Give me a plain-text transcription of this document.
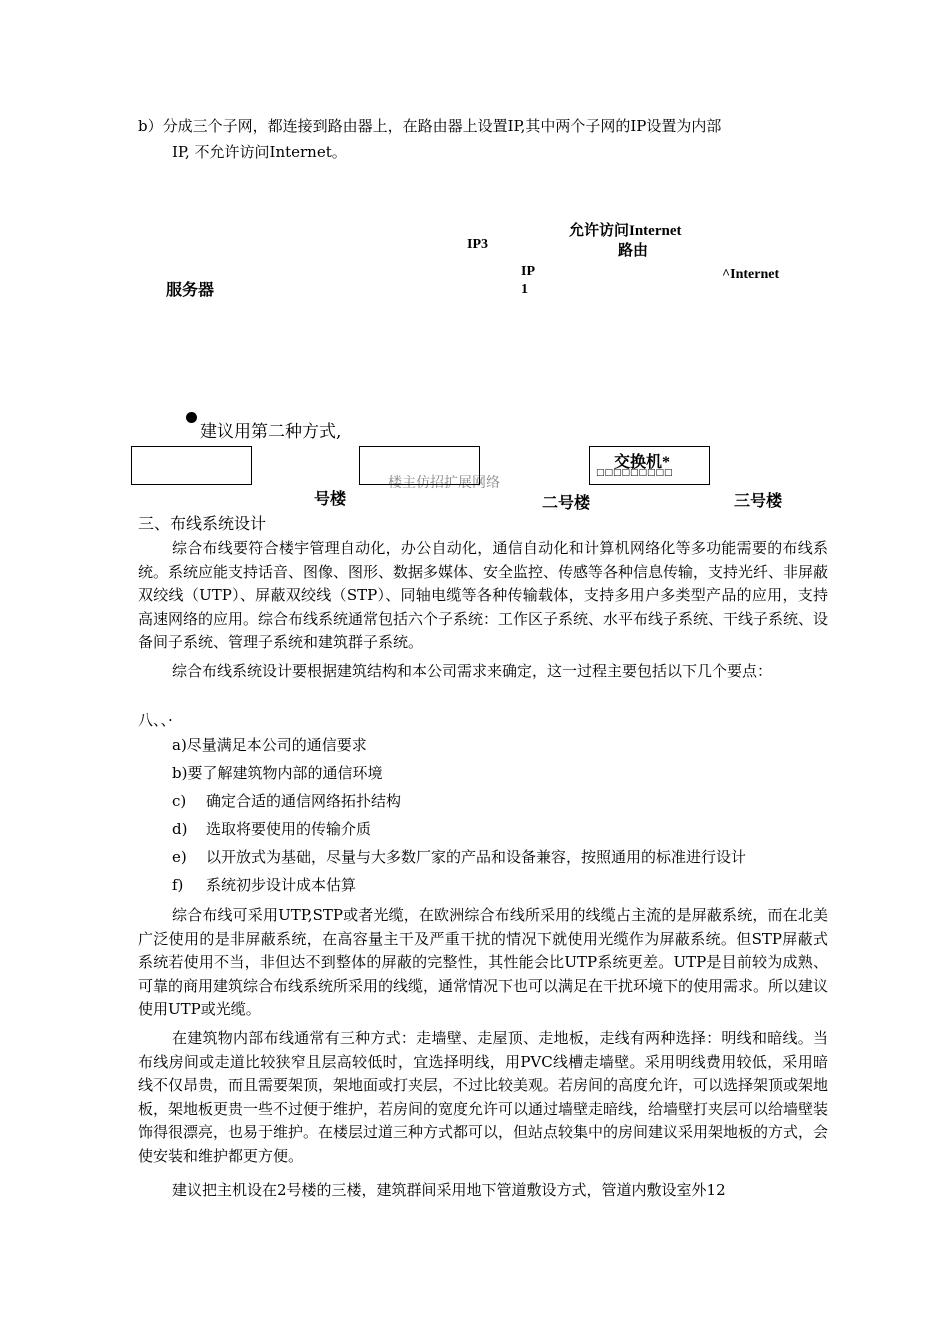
b）分成三个子网，都连接到路由器上，在路由器上设置IP,其中两个子网的IP设置为内部
IP, 不允许访问Internet。
允许访问Internet
路由
IP3
IP
1
服务器
^Internet
建议用第二种方式,
楼主仿招扩展网络
交换机*
□□□□□□□□□
号楼	二号楼	三号楼
三、布线系统设计
综合布线要符合楼宇管理自动化，办公自动化，通信自动化和计算机网络化等多功能需要的布线系统。系统应能支持话音、图像、图形、数据多媒体、安全监控、传感等各种信息传输，支持光纤、非屏蔽双绞线（UTP）、屏蔽双绞线（STP）、同轴电缆等各种传输载体，支持多用户多类型产品的应用，支持高速网络的应用。综合布线系统通常包括六个子系统：工作区子系统、水平布线子系统、干线子系统、设备间子系统、管理子系统和建筑群子系统。
综合布线系统设计要根据建筑结构和本公司需求来确定，这一过程主要包括以下几个要点：
八、、·
a)尽量满足本公司的通信要求
b)要了解建筑物内部的通信环境
c) 确定合适的通信网络拓扑结构
d) 选取将要使用的传输介质
e) 以开放式为基础，尽量与大多数厂家的产品和设备兼容，按照通用的标准进行设计
f) 系统初步设计成本估算
综合布线可采用UTP,STP或者光缆，在欧洲综合布线所采用的线缆占主流的是屏蔽系统，而在北美广泛使用的是非屏蔽系统，在高容量主干及严重干扰的情况下就使用光缆作为屏蔽系统。但STP屏蔽式系统若使用不当，非但达不到整体的屏蔽的完整性，其性能会比UTP系统更差。UTP是目前较为成熟、可靠的商用建筑综合布线系统所采用的线缆，通常情况下也可以满足在干扰环境下的使用需求。所以建议使用UTP或光缆。
在建筑物内部布线通常有三种方式：走墙壁、走屋顶、走地板，走线有两种选择：明线和暗线。当布线房间或走道比较狭窄且层高较低时，宜选择明线，用PVC线槽走墙壁。采用明线费用较低，采用暗线不仅昂贵，而且需要架顶，架地面或打夹层，不过比较美观。若房间的高度允许，可以选择架顶或架地板，架地板更贵一些不过便于维护，若房间的宽度允许可以通过墙壁走暗线，给墙壁打夹层可以给墙壁装饰得很漂亮，也易于维护。在楼层过道三种方式都可以，但站点较集中的房间建议采用架地板的方式，会使安装和维护都更方便。
建议把主机设在2号楼的三楼，建筑群间采用地下管道敷设方式，管道内敷设室外12
